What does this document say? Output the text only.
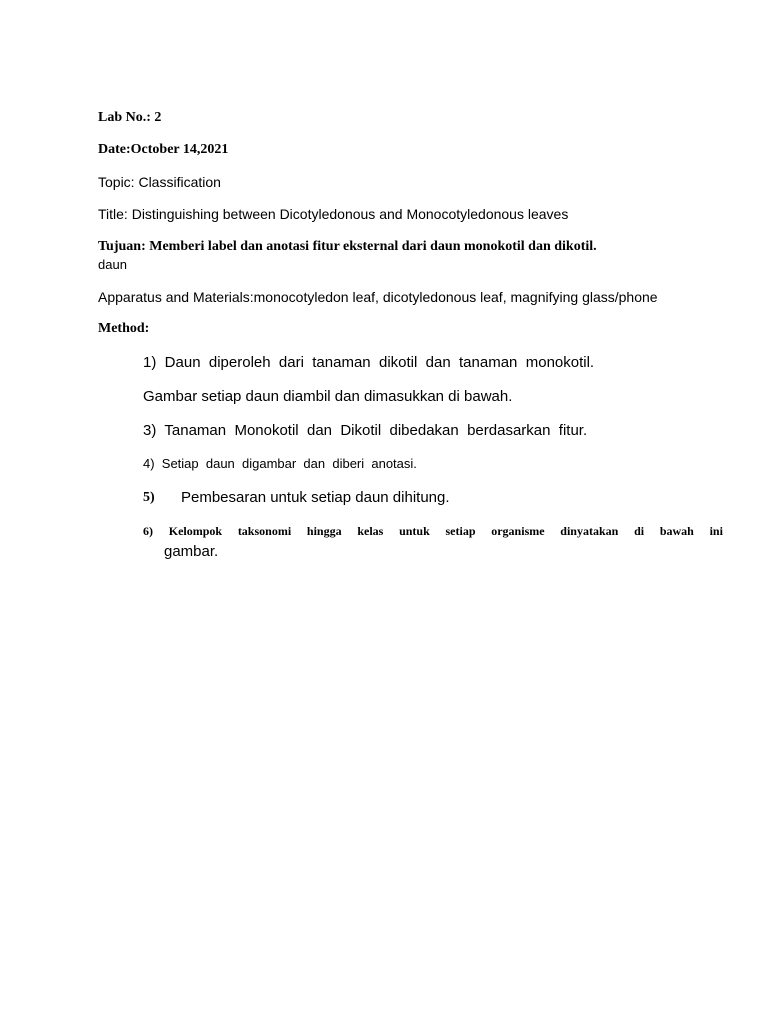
Lab No.: 2

Date:October 14,2021

Topic: Classification

Title: Distinguishing between Dicotyledonous and Monocotyledonous leaves

Tujuan: Memberi label dan anotasi fitur eksternal dari daun monokotil dan dikotil.

daun

Apparatus and Materials:monocotyledon leaf, dicotyledonous leaf, magnifying glass/phone

Method:

1)  Daun  diperoleh  dari  tanaman  dikotil  dan  tanaman  monokotil.

Gambar setiap daun diambil dan dimasukkan di bawah.

3)  Tanaman  Monokotil  dan  Dikotil  dibedakan  berdasarkan  fitur.

4)  Setiap  daun  digambar  dan  diberi  anotasi.

5) Pembesaran untuk setiap daun dihitung.

6) Kelompok taksonomi hingga kelas untuk setiap organisme dinyatakan di bawah ini

gambar.
